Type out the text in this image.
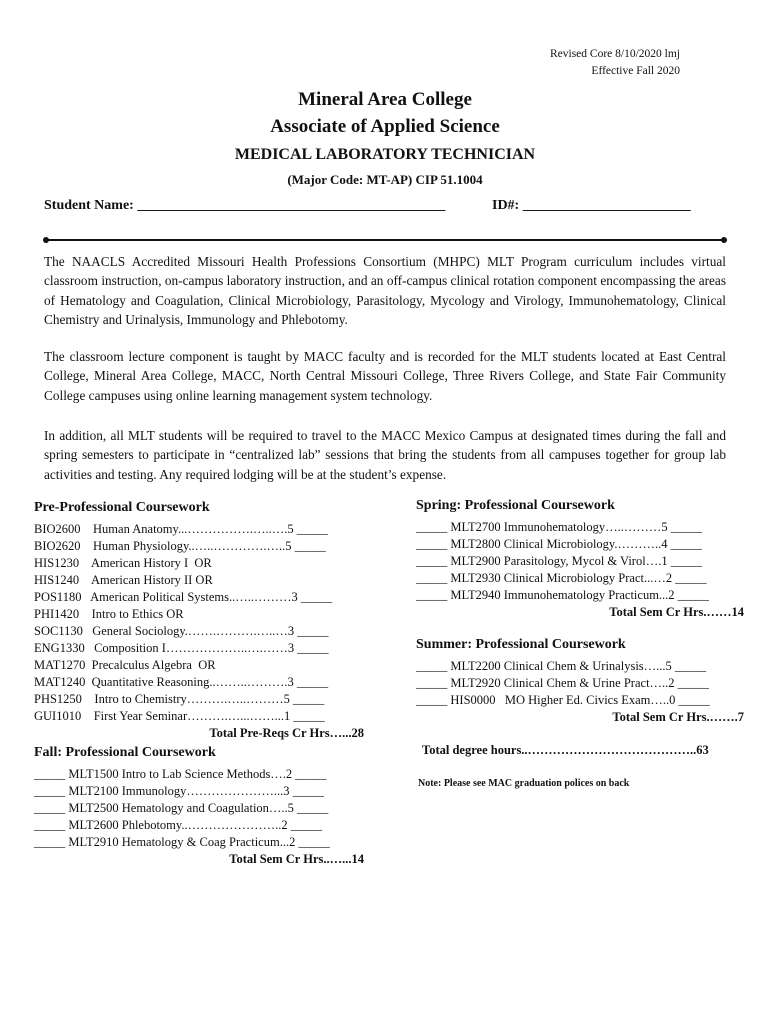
Revised Core 8/10/2020 lmj
Effective Fall 2020
Mineral Area College
Associate of Applied Science
MEDICAL LABORATORY TECHNICIAN
(Major Code: MT-AP) CIP 51.1004
Student Name: ____________________________________________	ID#: ________________________
The NAACLS Accredited Missouri Health Professions Consortium (MHPC) MLT Program curriculum includes virtual classroom instruction, on-campus laboratory instruction, and an off-campus clinical rotation component encompassing the areas of Hematology and Coagulation, Clinical Microbiology, Parasitology, Mycology and Virology, Immunohematology, Clinical Chemistry and Urinalysis, Immunology and Phlebotomy.
The classroom lecture component is taught by MACC faculty and is recorded for the MLT students located at East Central College, Mineral Area College, MACC, North Central Missouri College, Three Rivers College, and State Fair Community College campuses using online learning management system technology.
In addition, all MLT students will be required to travel to the MACC Mexico Campus at designated times during the fall and spring semesters to participate in “centralized lab” sessions that bring the students from all campuses together for group lab activities and testing. Any required lodging will be at the student’s expense.
Pre-Professional Coursework
BIO2600    Human Anatomy...…………….…..….5 _____
BIO2620    Human Physiology..…..………….…..5 _____
HIS1230    American History I  OR
HIS1240    American History II OR
POS1180   American Political Systems..…..………3 _____
PHI1420    Intro to Ethics OR
SOC1130   General Sociology.…….……….…..…3 _____
ENG1330   Composition I………………..….……3 _____
MAT1270  Precalculus Algebra  OR
MAT1240  Quantitative Reasoning..……..……….3 _____
PHS1250    Intro to Chemistry……….…..………5 _____
GUI1010    First Year Seminar……….…...……...1 _____
Total Pre-Reqs Cr Hrs…...28
Fall: Professional Coursework
_____ MLT1500 Intro to Lab Science Methods….2 _____
_____ MLT2100 Immunology…………………...3 _____
_____ MLT2500 Hematology and Coagulation…..5 _____
_____ MLT2600 Phlebotomy..…………………..2 _____
_____ MLT2910 Hematology & Coag Practicum...2 _____
Total Sem Cr Hrs..…...14
Spring: Professional Coursework
_____ MLT2700 Immunohematology…..………5 _____
_____ MLT2800 Clinical Microbiology.………..4 _____
_____ MLT2900 Parasitology, Mycol & Virol….1 _____
_____ MLT2930 Clinical Microbiology Pract...…2 _____
_____ MLT2940 Immunohematology Practicum...2 _____
Total Sem Cr Hrs.……14
Summer: Professional Coursework
_____ MLT2200 Clinical Chem & Urinalysis…...5 _____
_____ MLT2920 Clinical Chem & Urine Pract…..2 _____
_____ HIS0000   MO Higher Ed. Civics Exam…..0 _____
Total Sem Cr Hrs.…….7
Total degree hours..…………………………………..63
Note: Please see MAC graduation polices on back
